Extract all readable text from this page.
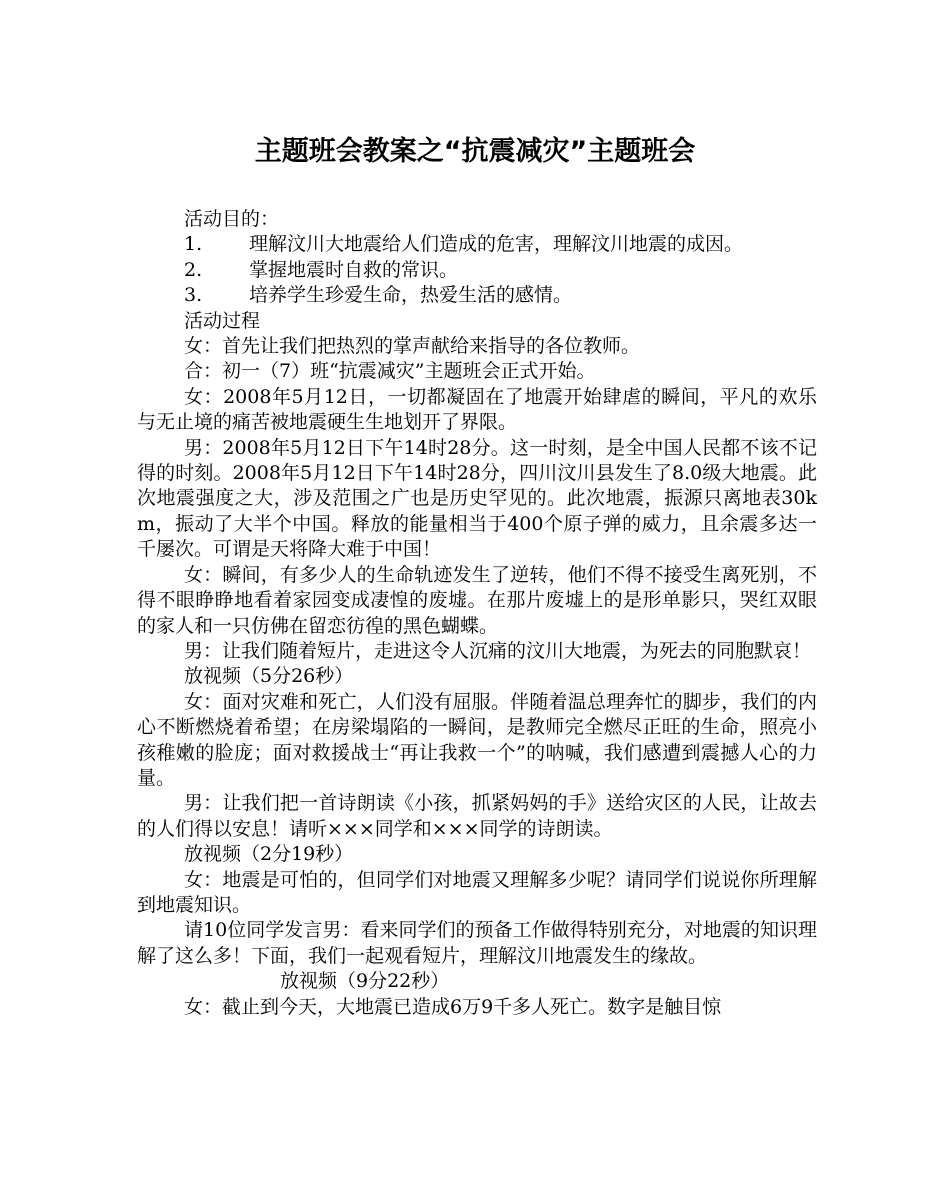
主题班会教案之“抗震减灾”主题班会

活动目的：

1. 理解汶川大地震给人们造成的危害，理解汶川地震的成因。

2. 掌握地震时自救的常识。

3. 培养学生珍爱生命，热爱生活的感情。

活动过程

女：首先让我们把热烈的掌声献给来指导的各位教师。

合：初一（7）班“抗震减灾”主题班会正式开始。

女：2008年5月12日，一切都凝固在了地震开始肆虐的瞬间，平凡的欢乐与无止境的痛苦被地震硬生生地划开了界限。

男：2008年5月12日下午14时28分。这一时刻，是全中国人民都不该不记得的时刻。2008年5月12日下午14时28分，四川汶川县发生了8.0级大地震。此次地震强度之大，涉及范围之广也是历史罕见的。此次地震，振源只离地表30km，振动了大半个中国。释放的能量相当于400个原子弹的威力，且余震多达一千屡次。可谓是天将降大难于中国！

女：瞬间，有多少人的生命轨迹发生了逆转，他们不得不接受生离死别，不得不眼睁睁地看着家园变成凄惶的废墟。在那片废墟上的是形单影只，哭红双眼的家人和一只仿佛在留恋彷徨的黑色蝴蝶。

男：让我们随着短片，走进这令人沉痛的汶川大地震，为死去的同胞默哀！

放视频（5分26秒）

女：面对灾难和死亡，人们没有屈服。伴随着温总理奔忙的脚步，我们的内心不断燃烧着希望；在房梁塌陷的一瞬间，是教师完全燃尽正旺的生命，照亮小孩稚嫩的脸庞；面对救援战士“再让我救一个”的呐喊，我们感遭到震撼人心的力量。

男：让我们把一首诗朗读《小孩，抓紧妈妈的手》送给灾区的人民，让故去的人们得以安息！请听×××同学和×××同学的诗朗读。

放视频（2分19秒）

女：地震是可怕的，但同学们对地震又理解多少呢？请同学们说说你所理解到地震知识。

请10位同学发言男：看来同学们的预备工作做得特别充分，对地震的知识理解了这么多！下面，我们一起观看短片，理解汶川地震发生的缘故。

放视频（9分22秒）

女：截止到今天，大地震已造成6万9千多人死亡。数字是触目惊
